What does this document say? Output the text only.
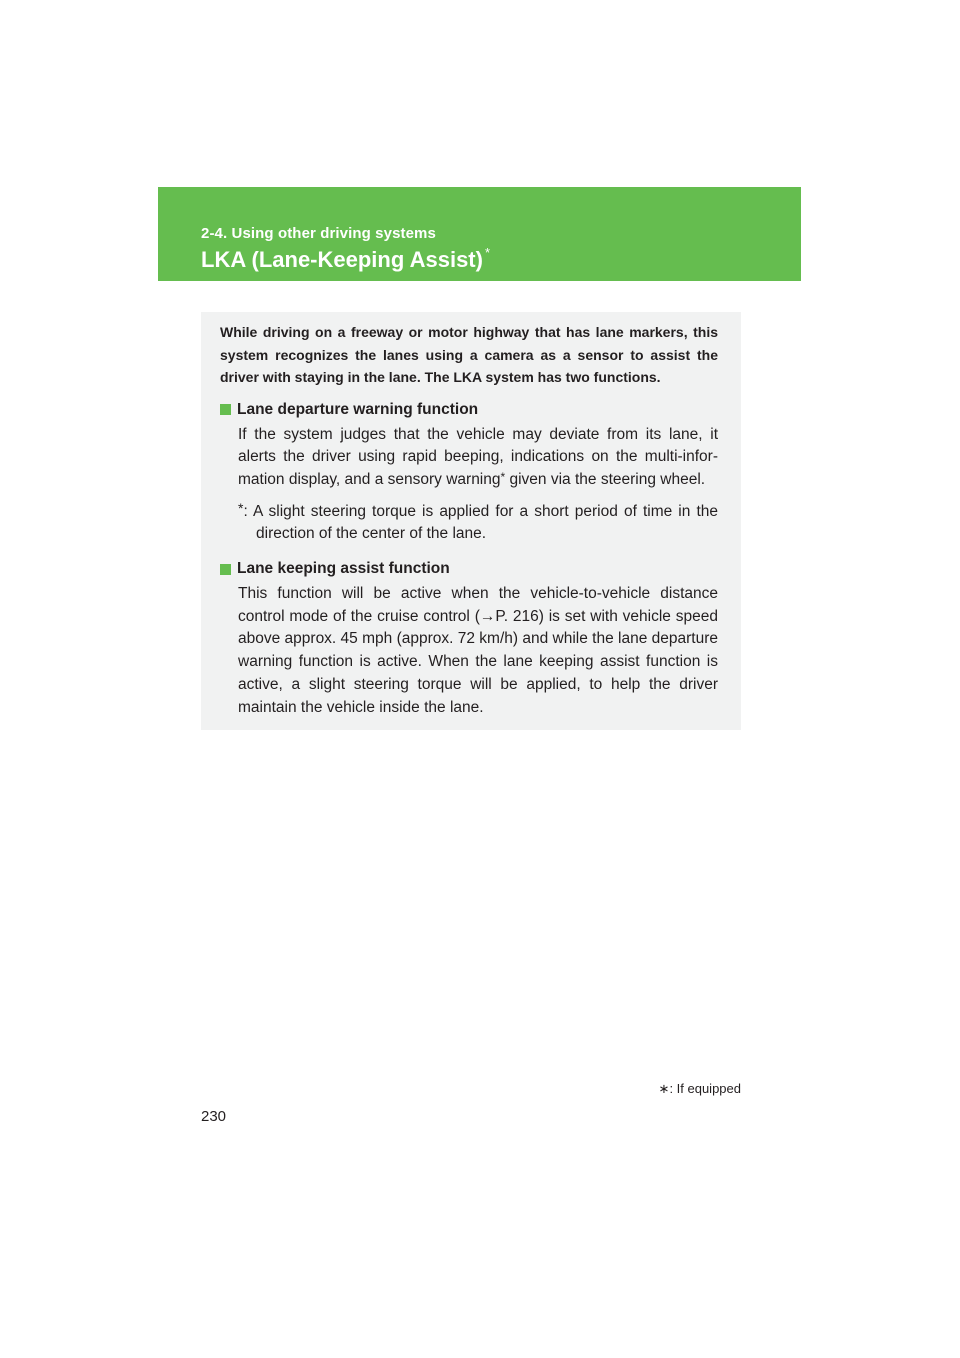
2-4. Using other driving systems
LKA (Lane-Keeping Assist) *

While driving on a freeway or motor highway that has lane markers, this system recognizes the lanes using a camera as a sensor to assist the driver with staying in the lane. The LKA system has two functions.

Lane departure warning function

If the system judges that the vehicle may deviate from its lane, it alerts the driver using rapid beeping, indications on the multi-infor-mation display, and a sensory warning* given via the steering wheel.

*: A slight steering torque is applied for a short period of time in the direction of the center of the lane.

Lane keeping assist function

This function will be active when the vehicle-to-vehicle distance control mode of the cruise control (→P. 216) is set with vehicle speed above approx. 45 mph (approx. 72 km/h) and while the lane departure warning function is active. When the lane keeping assist function is active, a slight steering torque will be applied, to help the driver maintain the vehicle inside the lane.

∗: If equipped
230
